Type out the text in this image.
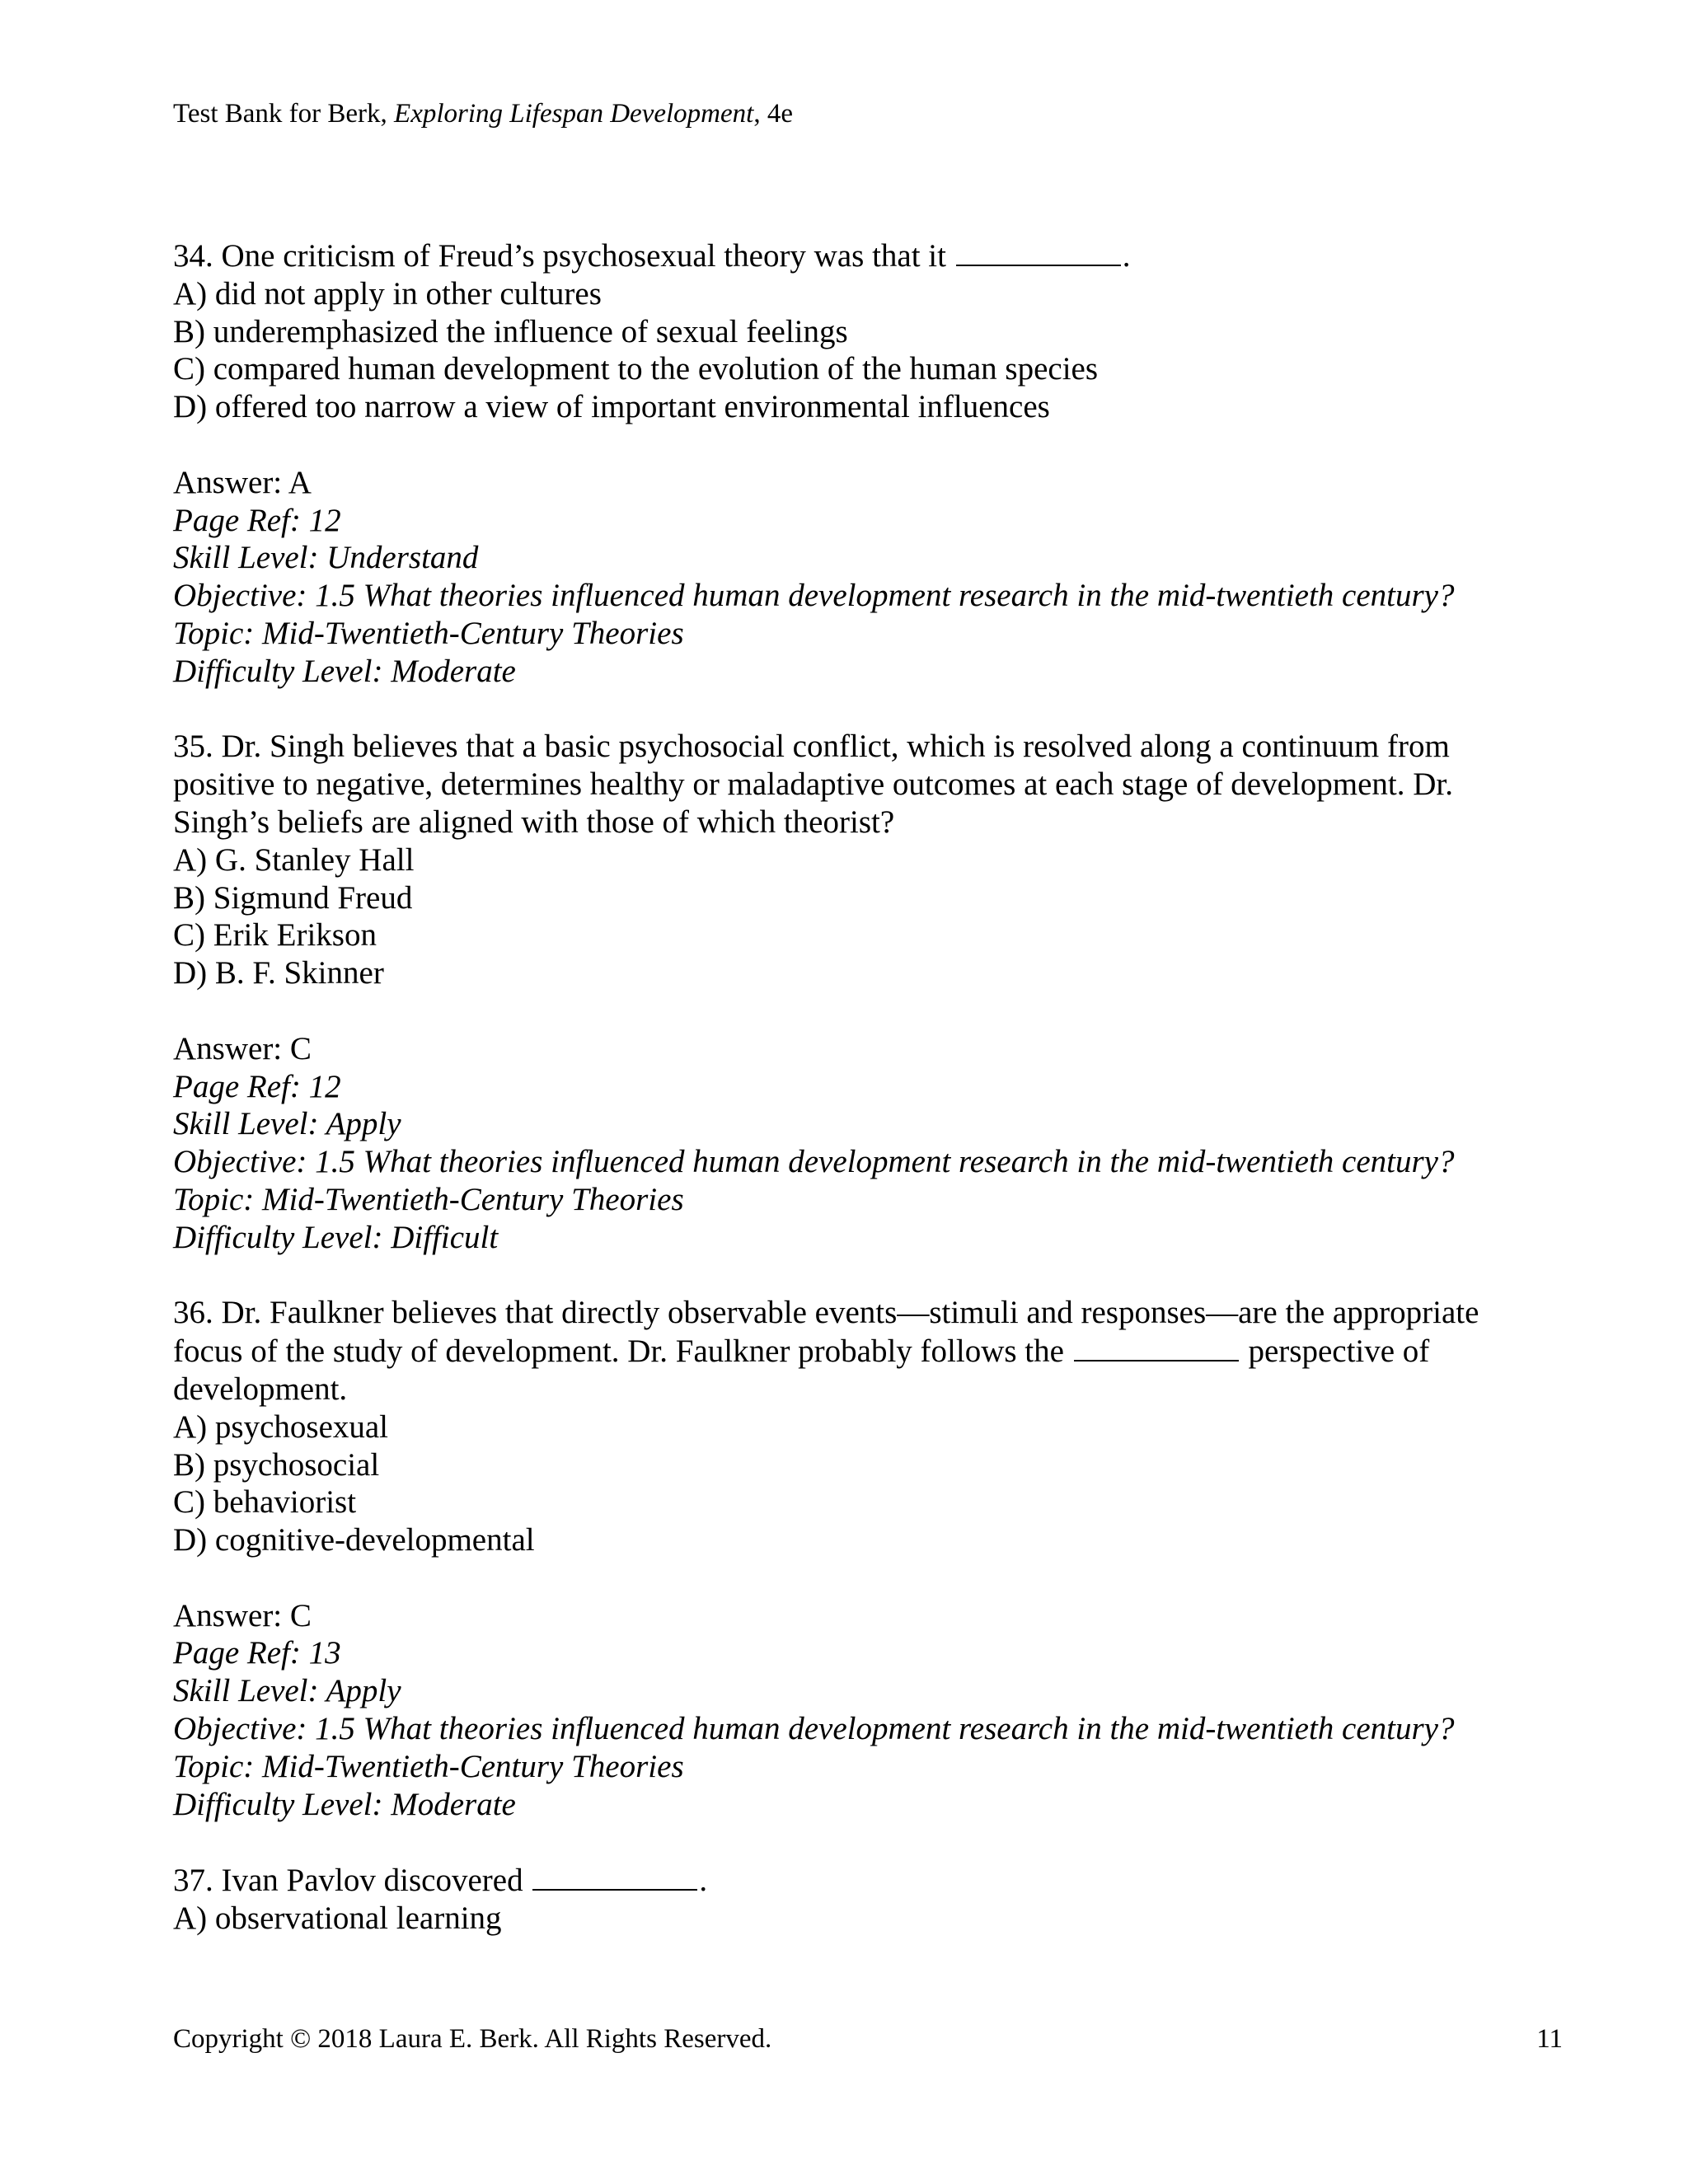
Test Bank for Berk, Exploring Lifespan Development, 4e
34. One criticism of Freud’s psychosexual theory was that it	.
A) did not apply in other cultures
B) underemphasized the influence of sexual feelings
C) compared human development to the evolution of the human species
D) offered too narrow a view of important environmental influences
Answer: A
Page Ref: 12
Skill Level: Understand
Objective: 1.5 What theories influenced human development research in the mid-twentieth century?
Topic: Mid-Twentieth-Century Theories
Difficulty Level: Moderate
35. Dr. Singh believes that a basic psychosocial conflict, which is resolved along a continuum from positive to negative, determines healthy or maladaptive outcomes at each stage of development. Dr. Singh’s beliefs are aligned with those of which theorist?
A) G. Stanley Hall
B) Sigmund Freud
C) Erik Erikson
D) B. F. Skinner
Answer: C
Page Ref: 12
Skill Level: Apply
Objective: 1.5 What theories influenced human development research in the mid-twentieth century?
Topic: Mid-Twentieth-Century Theories
Difficulty Level: Difficult
36. Dr. Faulkner believes that directly observable events—stimuli and responses—are the appropriate focus of the study of development. Dr. Faulkner probably follows the	perspective of development.
A) psychosexual
B) psychosocial
C) behaviorist
D) cognitive-developmental
Answer: C
Page Ref: 13
Skill Level: Apply
Objective: 1.5 What theories influenced human development research in the mid-twentieth century?
Topic: Mid-Twentieth-Century Theories
Difficulty Level: Moderate
37. Ivan Pavlov discovered	.
A) observational learning
Copyright © 2018 Laura E. Berk. All Rights Reserved.	11
